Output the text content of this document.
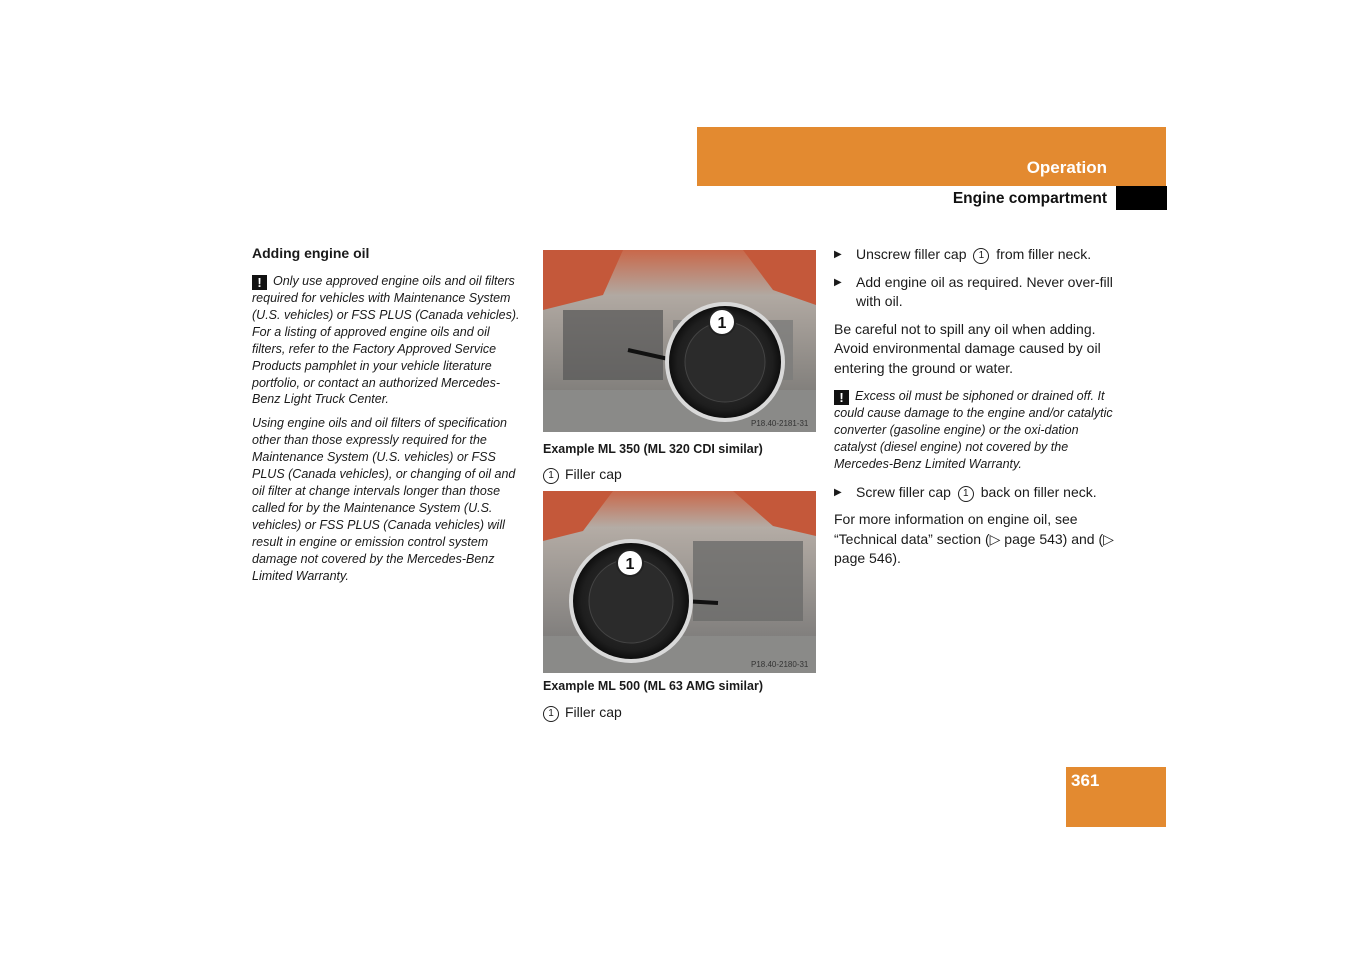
Operation
Engine compartment
Adding engine oil

! Only use approved engine oils and oil filters required for vehicles with Maintenance System (U.S. vehicles) or FSS PLUS (Canada vehicles). For a listing of approved engine oils and oil filters, refer to the Factory Approved Service Products pamphlet in your vehicle literature portfolio, or contact an authorized Mercedes-Benz Light Truck Center.

Using engine oils and oil filters of specification other than those expressly required for the Maintenance System (U.S. vehicles) or FSS PLUS (Canada vehicles), or changing of oil and oil filter at change intervals longer than those called for by the Maintenance System (U.S. vehicles) or FSS PLUS (Canada vehicles) will result in engine or emission control system damage not covered by the Mercedes-Benz Limited Warranty.

1
P18.40-2181-31
Example ML 350 (ML 320 CDI similar)
1 Filler cap
1
P18.40-2180-31
Example ML 500 (ML 63 AMG similar)
1 Filler cap
▶ Unscrew filler cap 1 from filler neck.
▶ Add engine oil as required. Never over-fill with oil.

Be careful not to spill any oil when adding. Avoid environmental damage caused by oil entering the ground or water.

! Excess oil must be siphoned or drained off. It could cause damage to the engine and/or catalytic converter (gasoline engine) or the oxi-dation catalyst (diesel engine) not covered by the Mercedes-Benz Limited Warranty.
▶ Screw filler cap 1 back on filler neck.

For more information on engine oil, see “Technical data” section (▷ page 543) and (▷ page 546).

361
